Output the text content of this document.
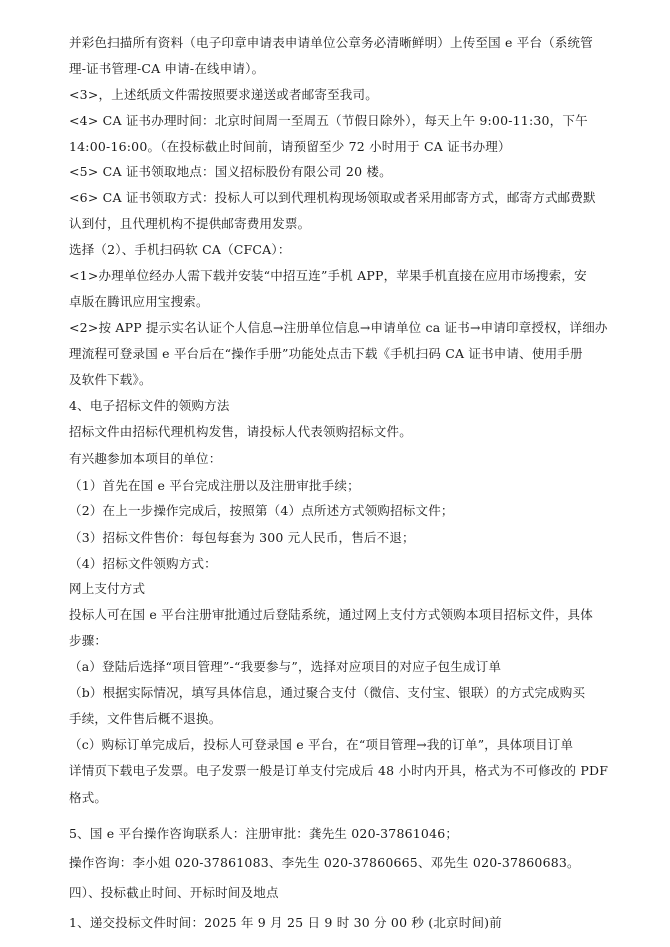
并彩色扫描所有资料（电子印章申请表申请单位公章务必清晰鲜明）上传至国 e 平台（系统管
理-证书管理-CA 申请-在线申请）。
<3>，上述纸质文件需按照要求递送或者邮寄至我司。
<4> CA 证书办理时间：北京时间周一至周五（节假日除外），每天上午 9:00-11:30，下午
14:00-16:00。（在投标截止时间前，请预留至少 72 小时用于 CA 证书办理）
<5> CA 证书领取地点：国义招标股份有限公司 20 楼。
<6> CA 证书领取方式：投标人可以到代理机构现场领取或者采用邮寄方式，邮寄方式邮费默
认到付，且代理机构不提供邮寄费用发票。
选择（2）、手机扫码软 CA（CFCA）：
<1>办理单位经办人需下载并安装“中招互连”手机 APP，苹果手机直接在应用市场搜索，安
卓版在腾讯应用宝搜索。
<2>按 APP 提示实名认证个人信息→注册单位信息→申请单位 ca 证书→申请印章授权，详细办
理流程可登录国 e 平台后在“操作手册”功能处点击下载《手机扫码 CA 证书申请、使用手册
及软件下载》。
4、电子招标文件的领购方法
招标文件由招标代理机构发售，请投标人代表领购招标文件。
有兴趣参加本项目的单位：
（1）首先在国 e 平台完成注册以及注册审批手续；
（2）在上一步操作完成后，按照第（4）点所述方式领购招标文件；
（3）招标文件售价：每包每套为 300 元人民币，售后不退；
（4）招标文件领购方式：
网上支付方式
投标人可在国 e 平台注册审批通过后登陆系统，通过网上支付方式领购本项目招标文件，具体
步骤：
（a）登陆后选择“项目管理”-“我要参与”，选择对应项目的对应子包生成订单
（b）根据实际情况，填写具体信息，通过聚合支付（微信、支付宝、银联）的方式完成购买
手续，文件售后概不退换。
（c）购标订单完成后，投标人可登录国 e 平台，在“项目管理→我的订单”，具体项目订单
详情页下载电子发票。电子发票一般是订单支付完成后 48 小时内开具，格式为不可修改的 PDF
格式。
5、国 e 平台操作咨询联系人：注册审批：龚先生 020-37861046；
操作咨询：李小姐 020-37861083、李先生 020-37860665、邓先生 020-37860683。
四）、投标截止时间、开标时间及地点
1、递交投标文件时间：2025 年 9 月 25 日 9 时 30 分 00 秒 (北京时间)前
